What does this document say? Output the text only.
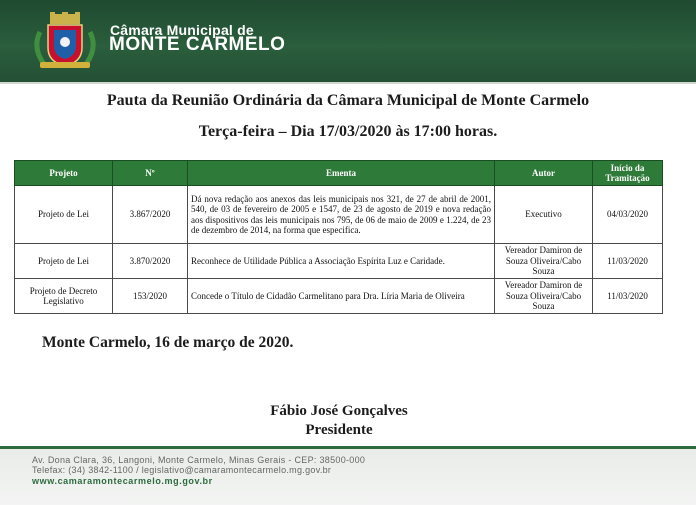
Câmara Municipal de
MONTE CARMELO
Pauta da Reunião Ordinária da Câmara Municipal de Monte Carmelo
Terça-feira – Dia 17/03/2020 às 17:00 horas.
Projeto	Nº	Ementa	Autor	Início da Tramitação
Projeto de Lei	3.867/2020	Dá nova redação aos anexos das leis municipais nos 321, de 27 de abril de 2001, 540, de 03 de fevereiro de 2005 e 1547, de 23 de agosto de 2019 e nova redação aos dispositivos das leis municipais nos 795, de 06 de maio de 2009 e 1.224, de 23 de dezembro de 2014, na forma que especifica.	Executivo	04/03/2020
Projeto de Lei	3.870/2020	Reconhece de Utilidade Pública a Associação Espírita Luz e Caridade.	Vereador Damiron de Souza Oliveira/Cabo Souza	11/03/2020
Projeto de Decreto Legislativo	153/2020	Concede o Título de Cidadão Carmelitano para Dra. Líria Maria de Oliveira	Vereador Damiron de Souza Oliveira/Cabo Souza	11/03/2020
Monte Carmelo, 16 de março de 2020.
Fábio José Gonçalves
Presidente
Av. Dona Clara, 36, Langoni, Monte Carmelo, Minas Gerais - CEP: 38500-000
Telefax: (34) 3842-1100 / legislativo@camaramontecarmelo.mg.gov.br
www.camaramontecarmelo.mg.gov.br
